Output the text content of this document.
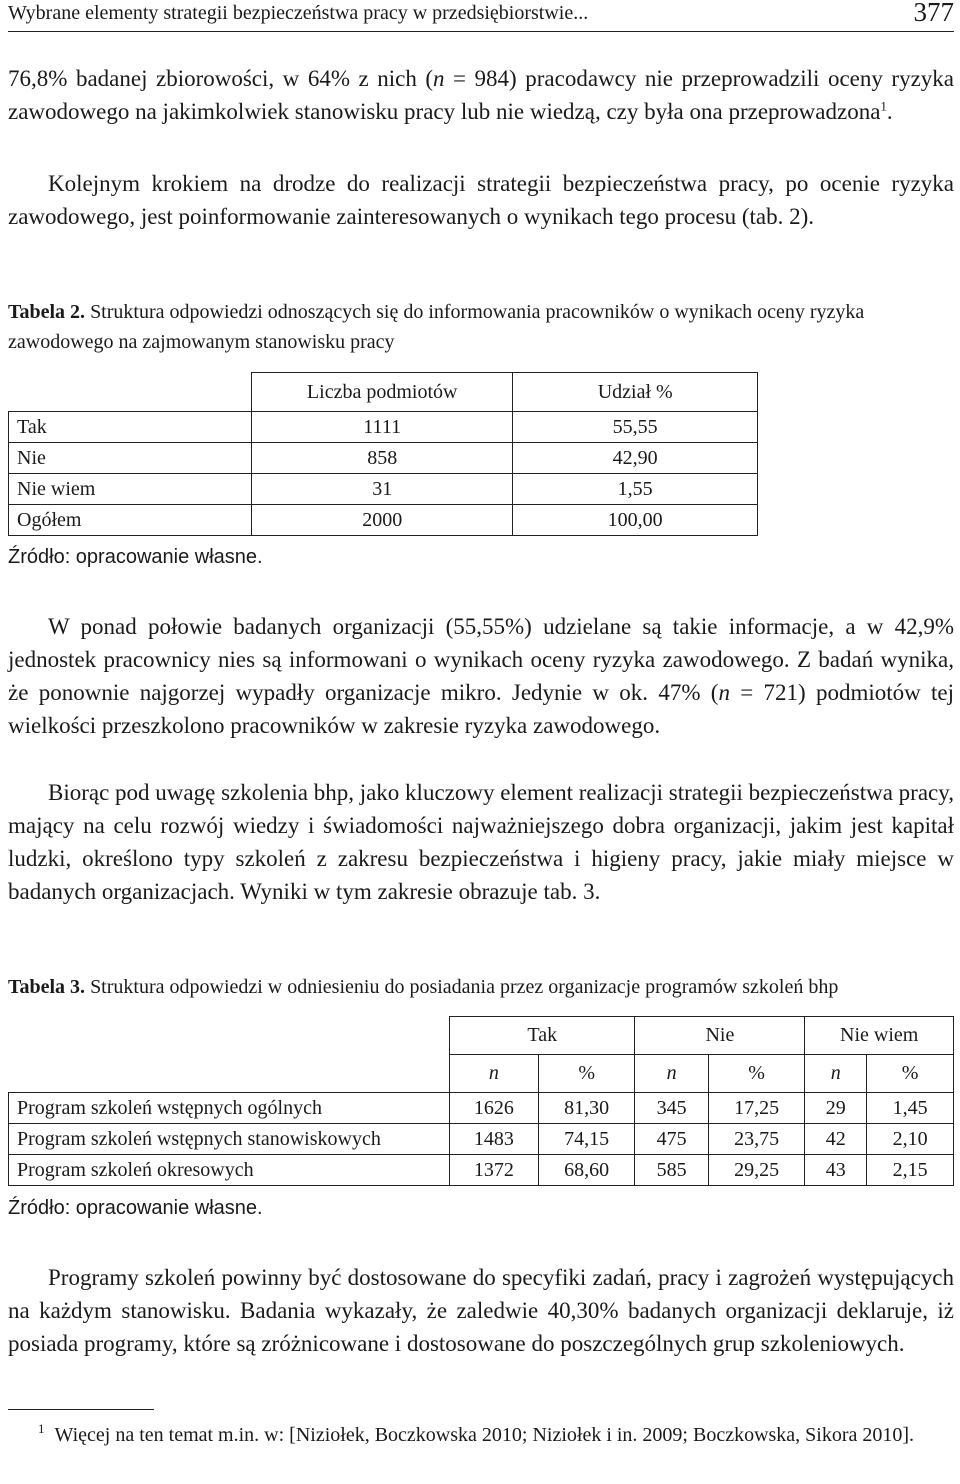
Wybrane elementy strategii bezpieczeństwa pracy w przedsiębiorstwie...	377

76,8% badanej zbiorowości, w 64% z nich (n = 984) pracodawcy nie przeprowadzili oceny ryzyka zawodowego na jakimkolwiek stanowisku pracy lub nie wiedzą, czy była ona przeprowadzona$^1$.

Kolejnym krokiem na drodze do realizacji strategii bezpieczeństwa pracy, po ocenie ryzyka zawodowego, jest poinformowanie zainteresowanych o wynikach tego procesu (tab. 2).

Tabela 2. Struktura odpowiedzi odnoszących się do informowania pracowników o wynikach oceny ryzyka zawodowego na zajmowanym stanowisku pracy

	Liczba podmiotów	Udział %
Tak	1111	55,55
Nie	858	42,90
Nie wiem	31	1,55
Ogółem	2000	100,00
Źródło: opracowanie własne.

W ponad połowie badanych organizacji (55,55%) udzielane są takie informacje, a w 42,9% jednostek pracownicy nies są informowani o wynikach oceny ryzyka zawodowego. Z badań wynika, że ponownie najgorzej wypadły organizacje mikro. Jedynie w ok. 47% (n = 721) podmiotów tej wielkości przeszkolono pracowników w zakresie ryzyka zawodowego.

Biorąc pod uwagę szkolenia bhp, jako kluczowy element realizacji strategii bezpieczeństwa pracy, mający na celu rozwój wiedzy i świadomości najważniejszego dobra organizacji, jakim jest kapitał ludzki, określono typy szkoleń z zakresu bezpieczeństwa i higieny pracy, jakie miały miejsce w badanych organizacjach. Wyniki w tym zakresie obrazuje tab. 3.

Tabela 3. Struktura odpowiedzi w odniesieniu do posiadania przez organizacje programów szkoleń bhp

	Tak		Nie		Nie wiem	
	n	%	n	%	n	%
Program szkoleń wstępnych ogólnych	1626	81,30	345	17,25	29	1,45
Program szkoleń wstępnych stanowiskowych	1483	74,15	475	23,75	42	2,10
Program szkoleń okresowych	1372	68,60	585	29,25	43	2,15
Źródło: opracowanie własne.

Programy szkoleń powinny być dostosowane do specyfiki zadań, pracy i zagrożeń występujących na każdym stanowisku. Badania wykazały, że zaledwie 40,30% badanych organizacji deklaruje, iż posiada programy, które są zróżnicowane i dostosowane do poszczególnych grup szkoleniowych.

$^1$ Więcej na ten temat m.in. w: [Niziołek, Boczkowska 2010; Niziołek i in. 2009; Boczkowska, Sikora 2010].
